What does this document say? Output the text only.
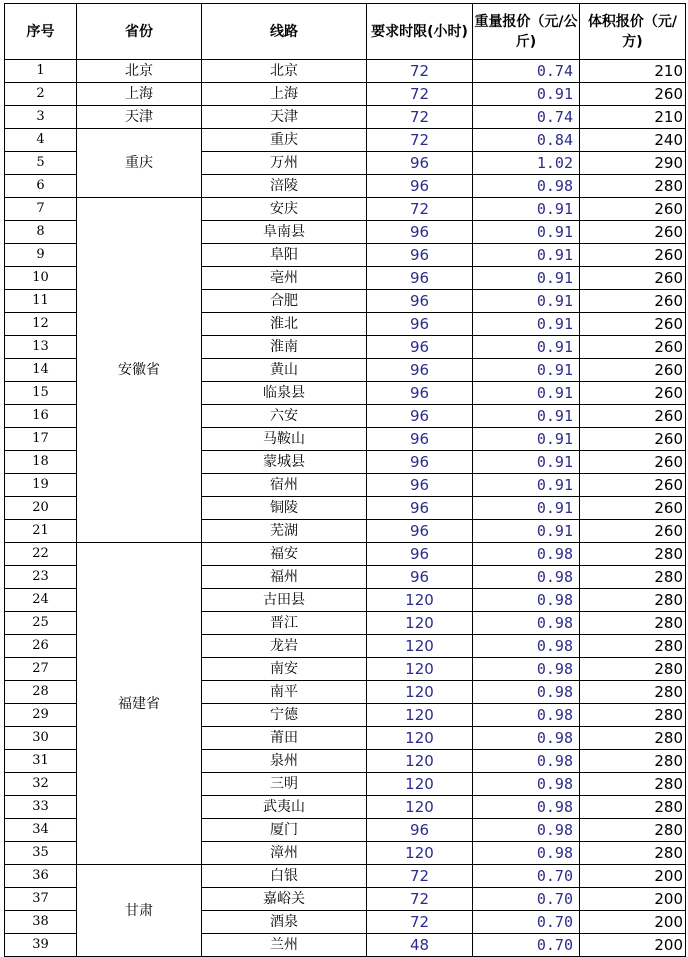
序号	省份	线路	要求时限(小时)	重量报价（元/公斤)	体积报价（元/方)
1	北京	北京	72	0.74	210
2	上海	上海	72	0.91	260
3	天津	天津	72	0.74	210
4	重庆	重庆	72	0.84	240
5		万州	96	1.02	290
6		涪陵	96	0.98	280
7	安徽省	安庆	72	0.91	260
8		阜南县	96	0.91	260
9		阜阳	96	0.91	260
10		亳州	96	0.91	260
11		合肥	96	0.91	260
12		淮北	96	0.91	260
13		淮南	96	0.91	260
14		黄山	96	0.91	260
15		临泉县	96	0.91	260
16		六安	96	0.91	260
17		马鞍山	96	0.91	260
18		蒙城县	96	0.91	260
19		宿州	96	0.91	260
20		铜陵	96	0.91	260
21		芜湖	96	0.91	260
22	福建省	福安	96	0.98	280
23		福州	96	0.98	280
24		古田县	120	0.98	280
25		晋江	120	0.98	280
26		龙岩	120	0.98	280
27		南安	120	0.98	280
28		南平	120	0.98	280
29		宁德	120	0.98	280
30		莆田	120	0.98	280
31		泉州	120	0.98	280
32		三明	120	0.98	280
33		武夷山	120	0.98	280
34		厦门	96	0.98	280
35		漳州	120	0.98	280
36	甘肃	白银	72	0.70	200
37		嘉峪关	72	0.70	200
38		酒泉	72	0.70	200
39		兰州	48	0.70	200
